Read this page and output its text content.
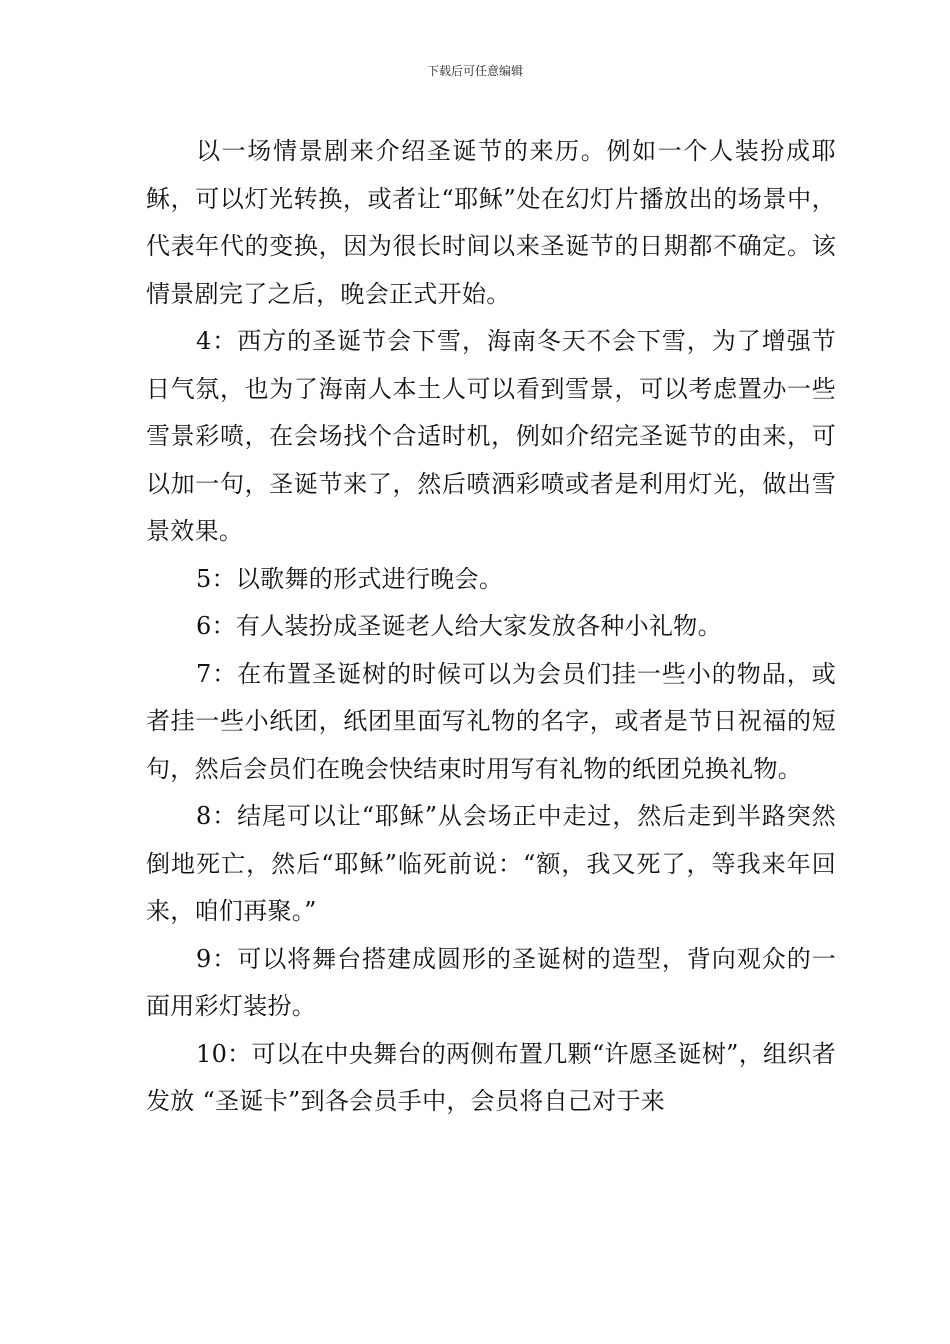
下载后可任意编辑

以一场情景剧来介绍圣诞节的来历。例如一个人装扮成耶稣，可以灯光转换，或者让“耶稣”处在幻灯片播放出的场景中，代表年代的变换，因为很长时间以来圣诞节的日期都不确定。该情景剧完了之后，晚会正式开始。

4：西方的圣诞节会下雪，海南冬天不会下雪，为了增强节日气氛，也为了海南人本土人可以看到雪景，可以考虑置办一些雪景彩喷，在会场找个合适时机，例如介绍完圣诞节的由来，可以加一句，圣诞节来了，然后喷洒彩喷或者是利用灯光，做出雪景效果。

5：以歌舞的形式进行晚会。

6：有人装扮成圣诞老人给大家发放各种小礼物。

7：在布置圣诞树的时候可以为会员们挂一些小的物品，或者挂一些小纸团，纸团里面写礼物的名字，或者是节日祝福的短句，然后会员们在晚会快结束时用写有礼物的纸团兑换礼物。

8：结尾可以让“耶稣”从会场正中走过，然后走到半路突然倒地死亡，然后“耶稣”临死前说：“额，我又死了，等我来年回来，咱们再聚。”

9：可以将舞台搭建成圆形的圣诞树的造型，背向观众的一面用彩灯装扮。

10：可以在中央舞台的两侧布置几颗“许愿圣诞树”，组织者发放 “圣诞卡”到各会员手中，会员将自己对于来
